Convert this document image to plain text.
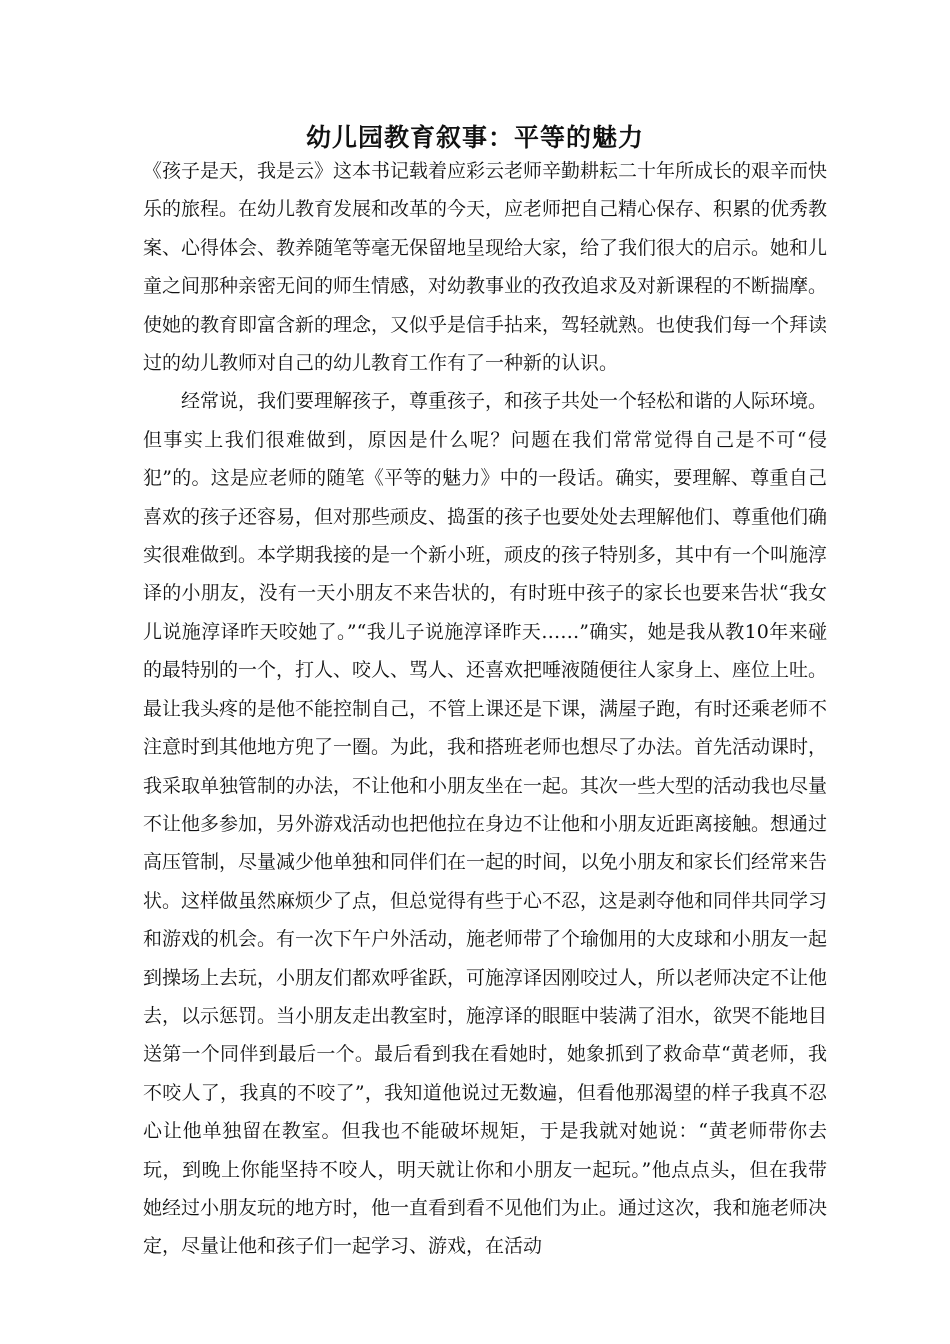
幼儿园教育叙事：平等的魅力

《孩子是天，我是云》这本书记载着应彩云老师辛勤耕耘二十年所成长的艰辛而快乐的旅程。在幼儿教育发展和改革的今天，应老师把自己精心保存、积累的优秀教案、心得体会、教养随笔等毫无保留地呈现给大家，给了我们很大的启示。她和儿童之间那种亲密无间的师生情感，对幼教事业的孜孜追求及对新课程的不断揣摩。使她的教育即富含新的理念，又似乎是信手拈来，驾轻就熟。也使我们每一个拜读过的幼儿教师对自己的幼儿教育工作有了一种新的认识。

经常说，我们要理解孩子，尊重孩子，和孩子共处一个轻松和谐的人际环境。但事实上我们很难做到，原因是什么呢？问题在我们常常觉得自己是不可“侵犯”的。这是应老师的随笔《平等的魅力》中的一段话。确实，要理解、尊重自己喜欢的孩子还容易，但对那些顽皮、捣蛋的孩子也要处处去理解他们、尊重他们确实很难做到。本学期我接的是一个新小班，顽皮的孩子特别多，其中有一个叫施淳译的小朋友，没有一天小朋友不来告状的，有时班中孩子的家长也要来告状“我女儿说施淳译昨天咬她了。”“我儿子说施淳译昨天……”确实，她是我从教10年来碰的最特别的一个，打人、咬人、骂人、还喜欢把唾液随便往人家身上、座位上吐。最让我头疼的是他不能控制自己，不管上课还是下课，满屋子跑，有时还乘老师不注意时到其他地方兜了一圈。为此，我和搭班老师也想尽了办法。首先活动课时，我采取单独管制的办法，不让他和小朋友坐在一起。其次一些大型的活动我也尽量不让他多参加，另外游戏活动也把他拉在身边不让他和小朋友近距离接触。想通过高压管制，尽量减少他单独和同伴们在一起的时间，以免小朋友和家长们经常来告状。这样做虽然麻烦少了点，但总觉得有些于心不忍，这是剥夺他和同伴共同学习和游戏的机会。有一次下午户外活动，施老师带了个瑜伽用的大皮球和小朋友一起到操场上去玩，小朋友们都欢呼雀跃，可施淳译因刚咬过人，所以老师决定不让他去，以示惩罚。当小朋友走出教室时，施淳译的眼眶中装满了泪水，欲哭不能地目送第一个同伴到最后一个。最后看到我在看她时，她象抓到了救命草“黄老师，我不咬人了，我真的不咬了”，我知道他说过无数遍，但看他那渴望的样子我真不忍心让他单独留在教室。但我也不能破坏规矩，于是我就对她说：“黄老师带你去玩，到晚上你能坚持不咬人，明天就让你和小朋友一起玩。”他点点头，但在我带她经过小朋友玩的地方时，他一直看到看不见他们为止。通过这次，我和施老师决定，尽量让他和孩子们一起学习、游戏，在活动
